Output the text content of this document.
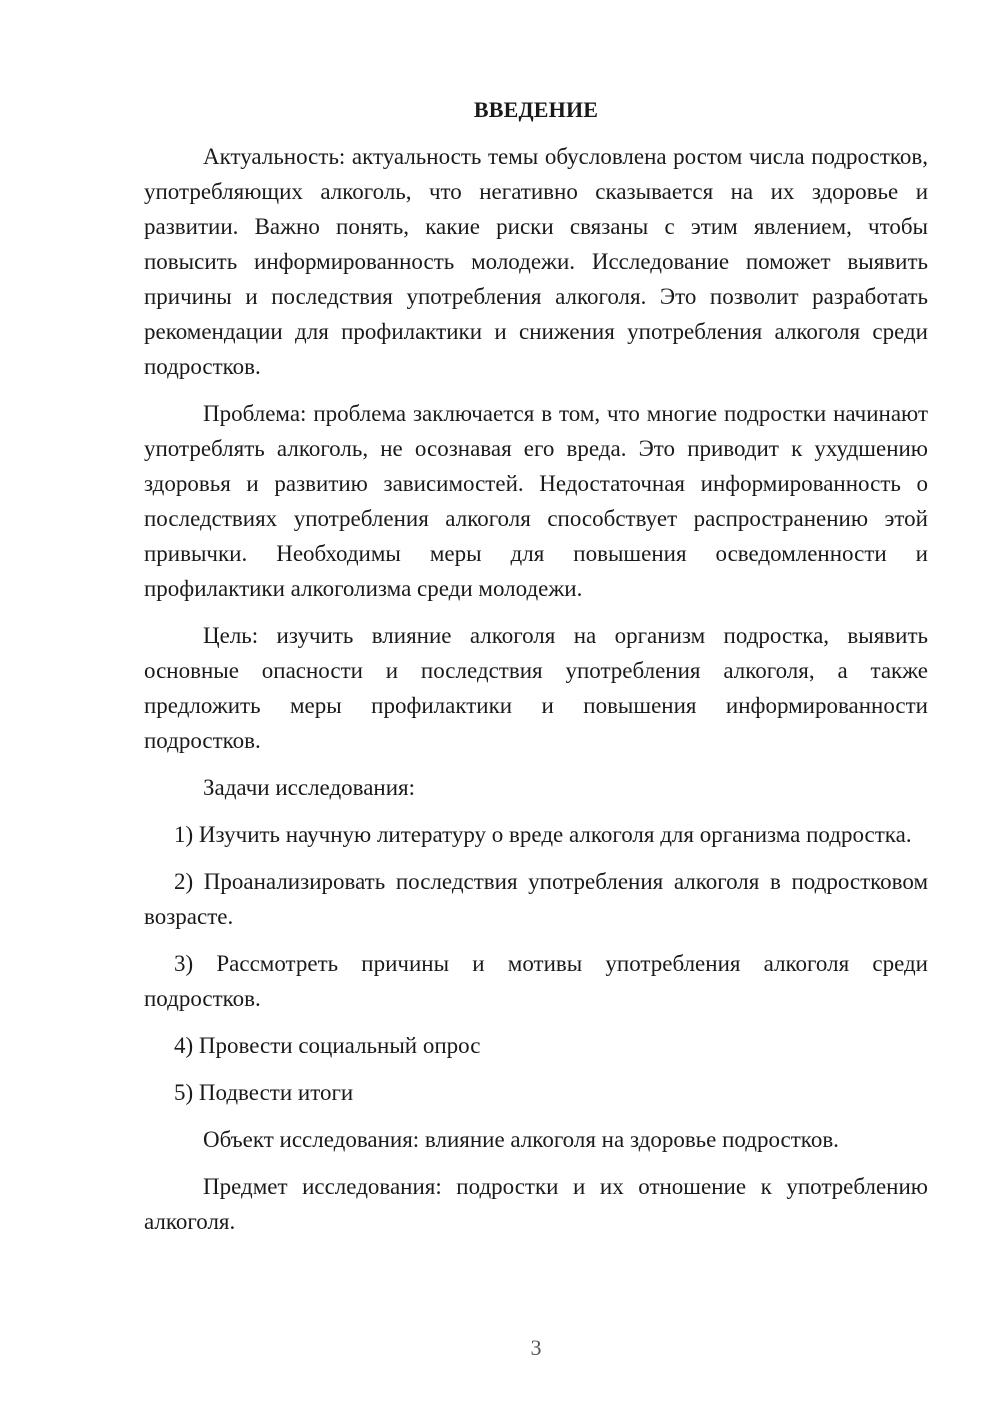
ВВЕДЕНИЕ

Актуальность: актуальность темы обусловлена ростом числа подростков, употребляющих алкоголь, что негативно сказывается на их здоровье и развитии. Важно понять, какие риски связаны с этим явлением, чтобы повысить информированность молодежи. Исследование поможет выявить причины и последствия употребления алкоголя. Это позволит разработать рекомендации для профилактики и снижения употребления алкоголя среди подростков.

Проблема: проблема заключается в том, что многие подростки начинают употреблять алкоголь, не осознавая его вреда. Это приводит к ухудшению здоровья и развитию зависимостей. Недостаточная информированность о последствиях употребления алкоголя способствует распространению этой привычки. Необходимы меры для повышения осведомленности и профилактики алкоголизма среди молодежи.

Цель: изучить влияние алкоголя на организм подростка, выявить основные опасности и последствия употребления алкоголя, а также предложить меры профилактики и повышения информированности подростков.

Задачи исследования:

1) Изучить научную литературу о вреде алкоголя для организма подростка.

2) Проанализировать последствия употребления алкоголя в подростковом возрасте.

3) Рассмотреть причины и мотивы употребления алкоголя среди подростков.

4) Провести социальный опрос

5) Подвести итоги

Объект исследования: влияние алкоголя на здоровье подростков.

Предмет исследования: подростки и их отношение к употреблению алкоголя.

3
